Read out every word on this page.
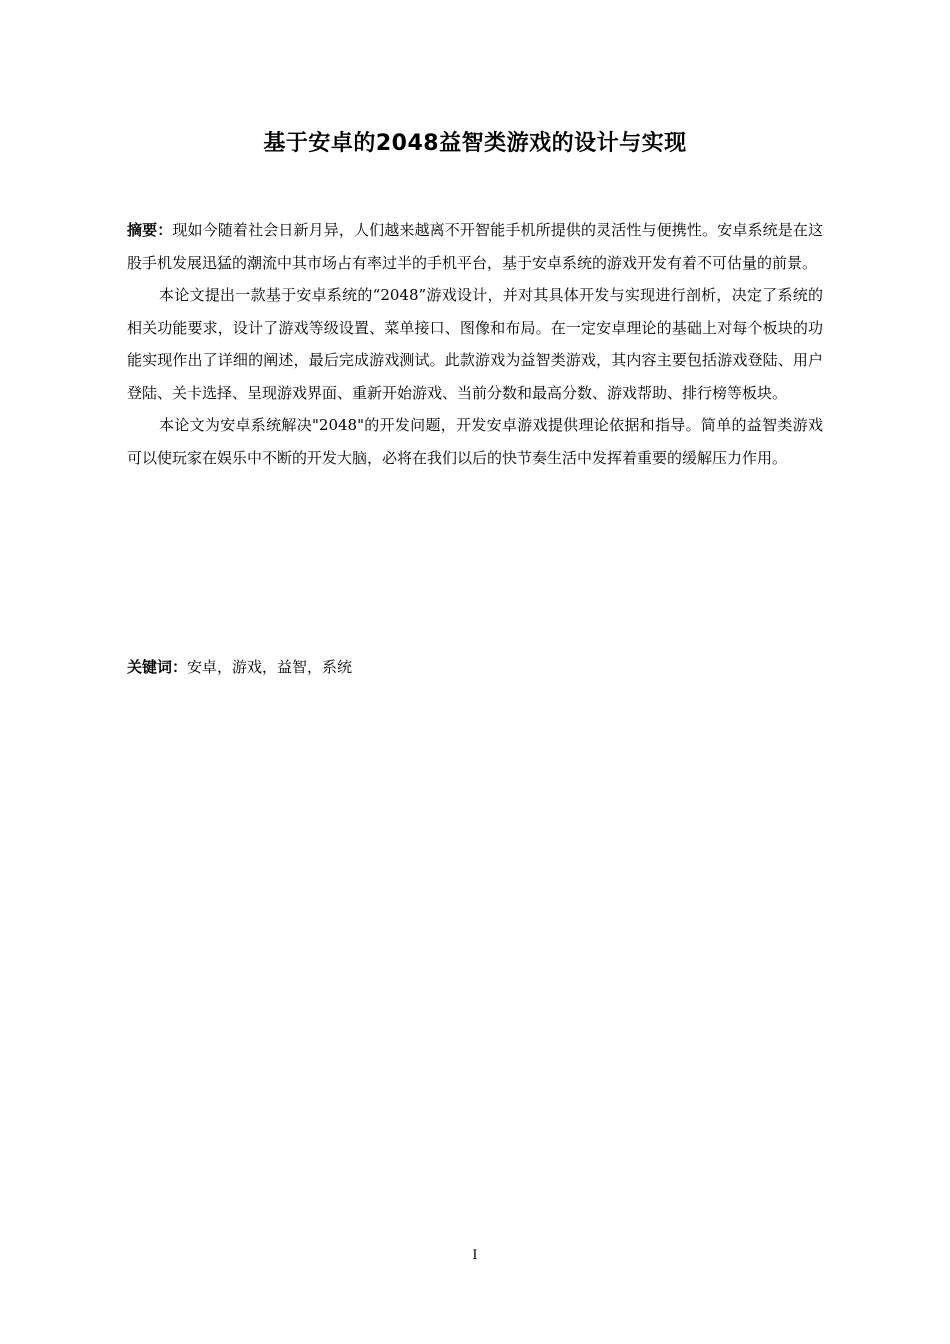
基于安卓的2048益智类游戏的设计与实现

摘要：现如今随着社会日新月异，人们越来越离不开智能手机所提供的灵活性与便携性。安卓系统是在这股手机发展迅猛的潮流中其市场占有率过半的手机平台，基于安卓系统的游戏开发有着不可估量的前景。

本论文提出一款基于安卓系统的“2048”游戏设计，并对其具体开发与实现进行剖析，决定了系统的相关功能要求，设计了游戏等级设置、菜单接口、图像和布局。在一定安卓理论的基础上对每个板块的功能实现作出了详细的阐述，最后完成游戏测试。此款游戏为益智类游戏，其内容主要包括游戏登陆、用户登陆、关卡选择、呈现游戏界面、重新开始游戏、当前分数和最高分数、游戏帮助、排行榜等板块。

本论文为安卓系统解决"2048"的开发问题，开发安卓游戏提供理论依据和指导。简单的益智类游戏可以使玩家在娱乐中不断的开发大脑，必将在我们以后的快节奏生活中发挥着重要的缓解压力作用。

关键词：安卓，游戏，益智，系统
I
